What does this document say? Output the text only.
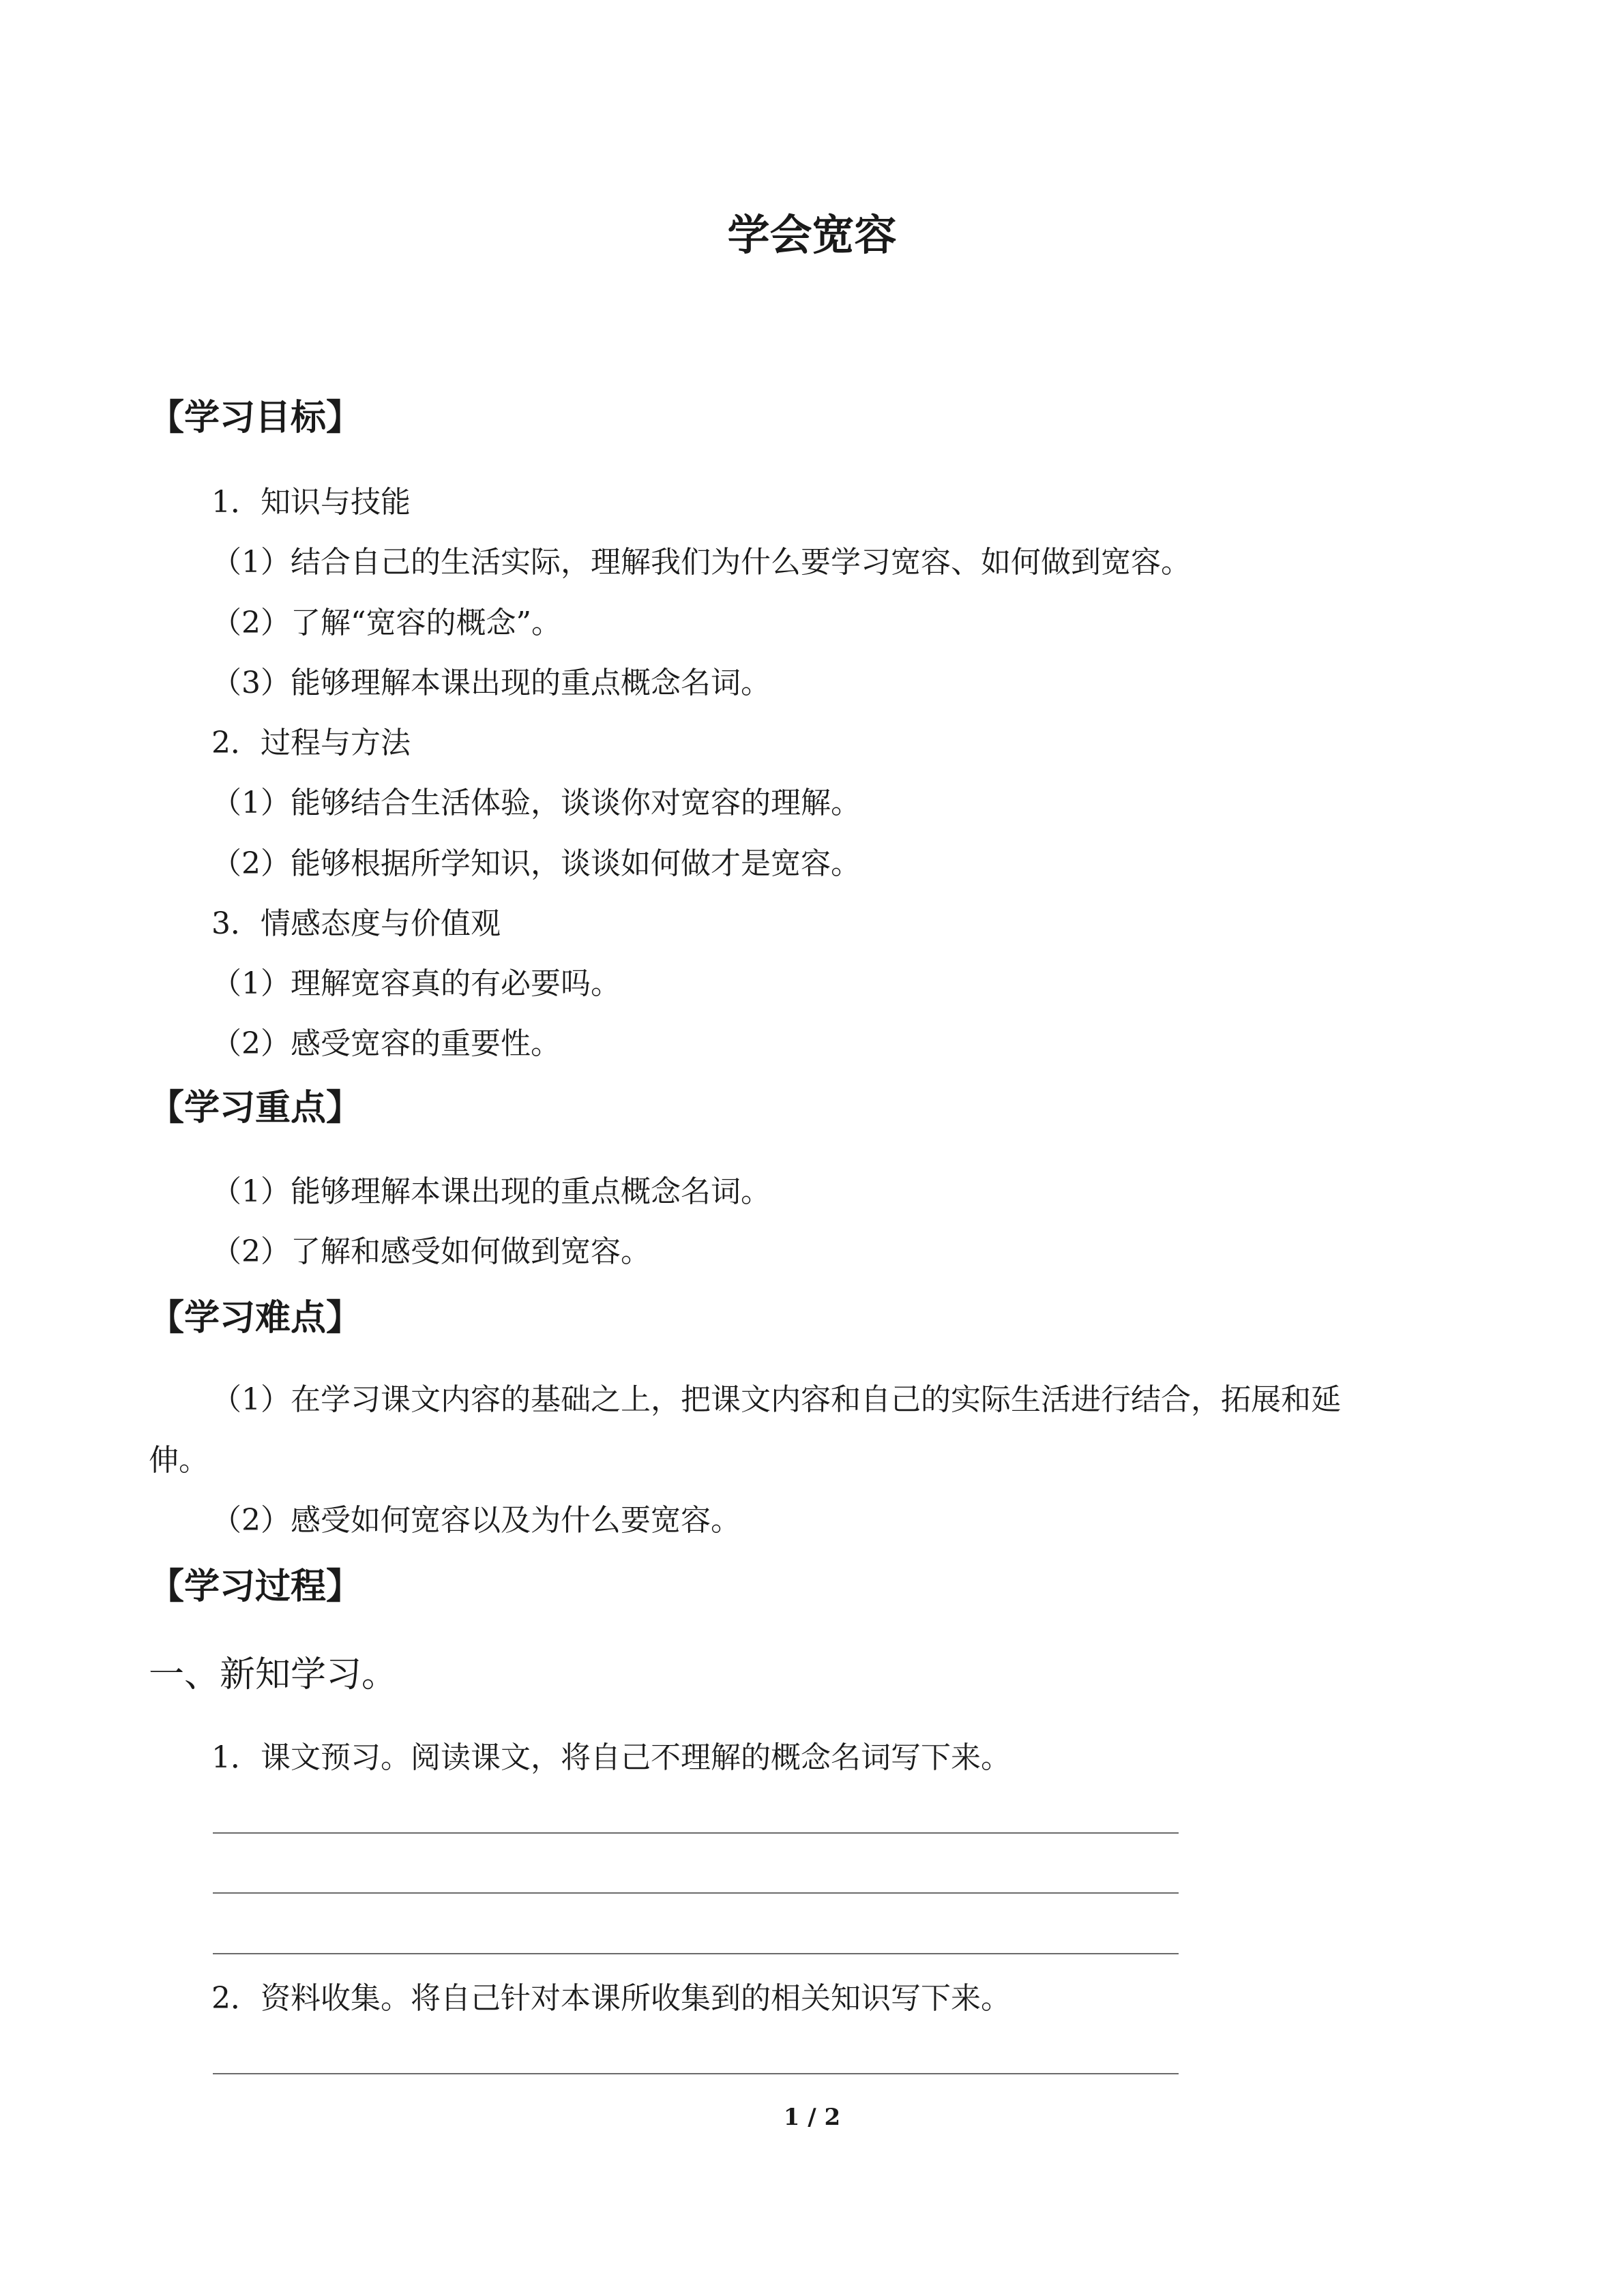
学会宽容

【学习目标】

1．知识与技能

（1）结合自己的生活实际，理解我们为什么要学习宽容、如何做到宽容。

（2）了解“宽容的概念”。

（3）能够理解本课出现的重点概念名词。

2．过程与方法

（1）能够结合生活体验，谈谈你对宽容的理解。

（2）能够根据所学知识，谈谈如何做才是宽容。

3．情感态度与价值观

（1）理解宽容真的有必要吗。

（2）感受宽容的重要性。

【学习重点】

（1）能够理解本课出现的重点概念名词。

（2）了解和感受如何做到宽容。

【学习难点】

（1）在学习课文内容的基础之上，把课文内容和自己的实际生活进行结合，拓展和延

伸。

（2）感受如何宽容以及为什么要宽容。

【学习过程】

一、新知学习。

1．课文预习。阅读课文，将自己不理解的概念名词写下来。

2．资料收集。将自己针对本课所收集到的相关知识写下来。

1 / 2
